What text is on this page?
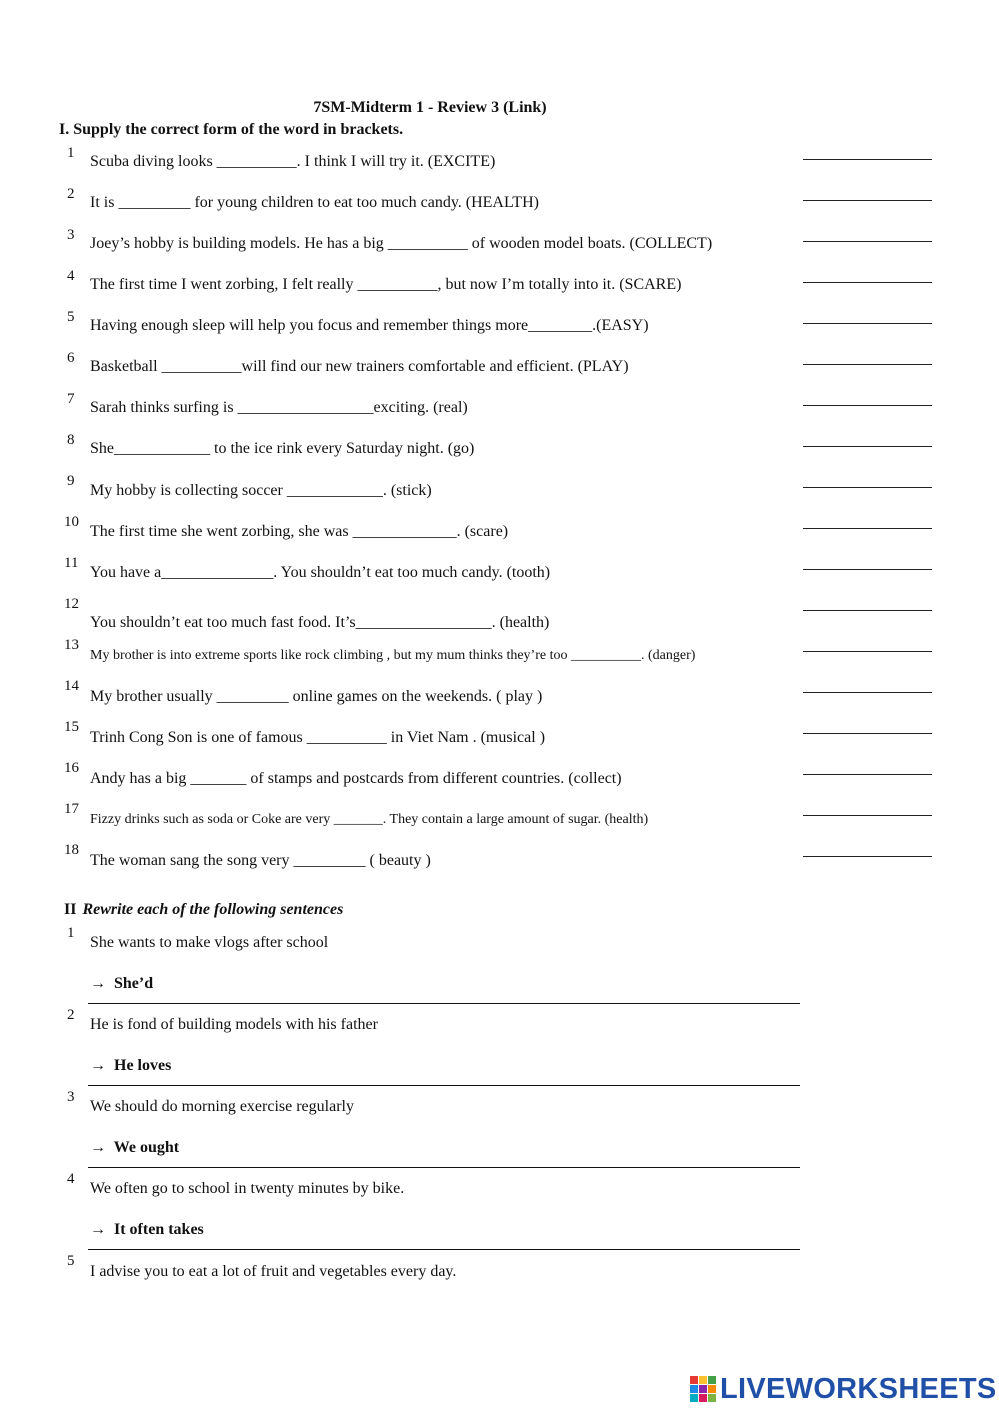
7SM-Midterm 1 - Review 3 (Link)
I. Supply the correct form of the word in brackets.
1 Scuba diving looks __________. I think I will try it. (EXCITE)
2 It is _________ for young children to eat too much candy. (HEALTH)
3 Joey’s hobby is building models. He has a big __________ of wooden model boats. (COLLECT)
4 The first time I went zorbing, I felt really __________, but now I’m totally into it. (SCARE)
5 Having enough sleep will help you focus and remember things more________.(EASY)
6 Basketball __________will find our new trainers comfortable and efficient. (PLAY)
7 Sarah thinks surfing is _________________exciting. (real)
8 She____________ to the ice rink every Saturday night. (go)
9
My hobby is collecting soccer ____________. (stick)
10
The first time she went zorbing, she was _____________. (scare)
11
You have a______________. You shouldn’t eat too much candy. (tooth)
12
You shouldn’t eat too much fast food. It’s_________________. (health)
13
My brother is into extreme sports like rock climbing , but my mum thinks they’re too __________. (danger)
14
My brother usually _________ online games on the weekends. ( play )
15
Trinh Cong Son is one of famous __________ in Viet Nam . (musical )
16
Andy has a big _______ of stamps and postcards from different countries. (collect)
17
Fizzy drinks such as soda or Coke are very _______. They contain a large amount of sugar. (health)
18
The woman sang the song very _________ ( beauty )
II Rewrite each of the following sentences
1
She wants to make vlogs after school
→ She’d
2
He is fond of building models with his father
→ He loves
3
We should do morning exercise regularly
→ We ought
4
We often go to school in twenty minutes by bike.
→ It often takes
5
I advise you to eat a lot of fruit and vegetables every day.
LIVEWORKSHEETS
